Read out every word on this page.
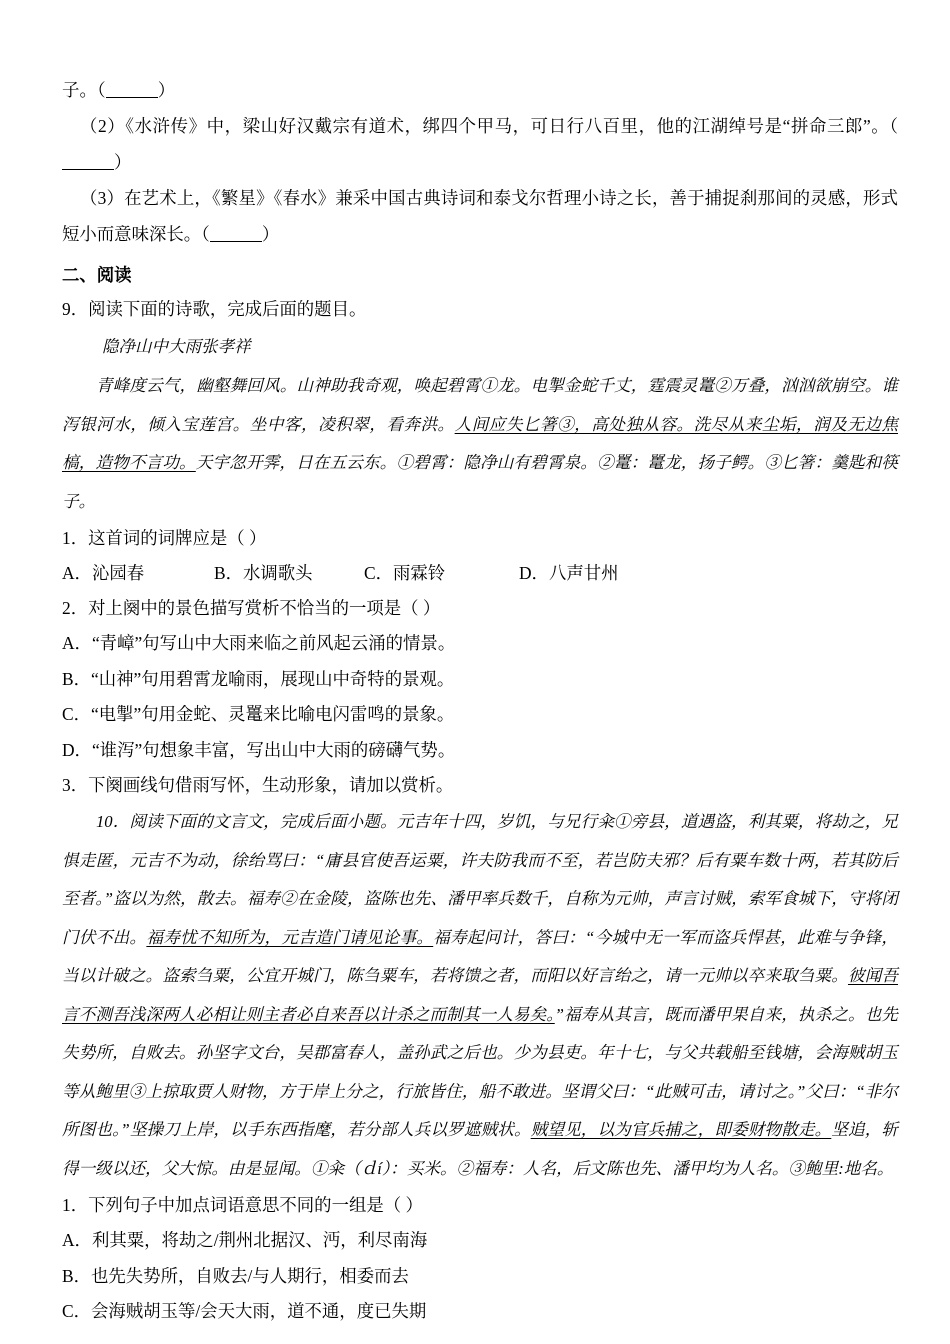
子。（	）
（2）《水浒传》中，梁山好汉戴宗有道术，绑四个甲马，可日行八百里，他的江湖绰号是“拼命三郎”。（）
（3）在艺术上，《繁星》《春水》兼采中国古典诗词和泰戈尔哲理小诗之长，善于捕捉刹那间的灵感，形式短小而意味深长。（	）
二、阅读
9．阅读下面的诗歌，完成后面的题目。
隐净山中大雨张孝祥
青峰度云气，幽壑舞回风。山神助我奇观，唤起碧霄①龙。电掣金蛇千丈，霆震灵鼍②万叠，汹汹欲崩空。谁泻银河水，倾入宝莲宫。坐中客，凌积翠，看奔洪。人间应失匕箸③，高处独从容。洗尽从来尘垢，润及无边焦槁，造物不言功。天宇忽开霁，日在五云东。①碧霄：隐净山有碧霄泉。②鼍：鼍龙，扬子鳄。③匕箸：羹匙和筷子。
1．这首词的词牌应是（ ）
A．沁园春	B．水调歌头	C．雨霖铃	D．八声甘州
2．对上阕中的景色描写赏析不恰当的一项是（ ）
A．“青嶂”句写山中大雨来临之前风起云涌的情景。
B．“山神”句用碧霄龙喻雨，展现山中奇特的景观。
C．“电掣”句用金蛇、灵鼍来比喻电闪雷鸣的景象。
D．“谁泻”句想象丰富，写出山中大雨的磅礴气势。
3．下阕画线句借雨写怀，生动形象，请加以赏析。
10．阅读下面的文言文，完成后面小题。元吉年十四，岁饥，与兄行籴①旁县，道遇盗，利其粟，将劫之，兄惧走匿，元吉不为动，徐绐骂曰：“庸县官使吾运粟，许夫防我而不至，若岂防夫邪？后有粟车数十两，若其防后至者。”盗以为然，散去。福寿②在金陵，盗陈也先、潘甲率兵数千，自称为元帅，声言讨贼，索军食城下，守将闭门伏不出。福寿忧不知所为，元吉造门请见论事。福寿起问计，答曰：“今城中无一军而盗兵悍甚，此难与争锋，当以计破之。盗索刍粟，公宜开城门，陈刍粟车，若将馈之者，而阳以好言绐之，请一元帅以卒来取刍粟。彼闻吾言不测吾浅深两人必相让则主者必自来吾以计杀之而制其一人易矣。”福寿从其言，既而潘甲果自来，执杀之。也先失势所，自败去。孙坚字文台，吴郡富春人，盖孙武之后也。少为县吏。年十七，与父共载船至钱塘，会海贼胡玉等从鲍里③上掠取贾人财物，方于岸上分之，行旅皆住，船不敢进。坚谓父曰：“此贼可击，请讨之。”父曰：“非尔所图也。”坚操刀上岸，以手东西指麾，若分部人兵以罗遮贼状。贼望见，以为官兵捕之，即委财物散走。坚追，斩得一级以还，父大惊。由是显闻。①籴（ｄí）：买米。②福寿：人名，后文陈也先、潘甲均为人名。③鲍里:地名。
1．下列句子中加点词语意思不同的一组是（ ）
A．利其粟，将劫之/荆州北据汉、沔，利尽南海
B．也先失势所，自败去/与人期行，相委而去
C．会海贼胡玉等/会天大雨，道不通，度已失期
